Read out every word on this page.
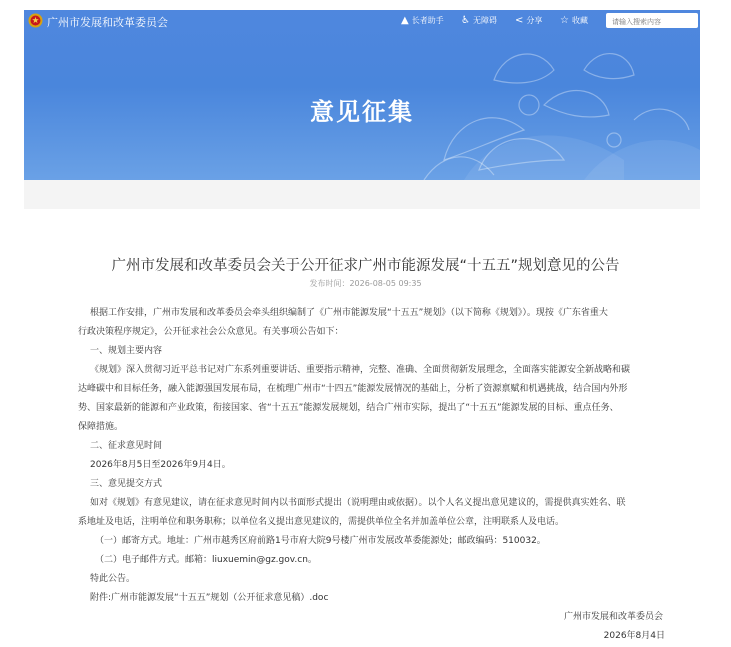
广州市发展和改革委员会	▲ 长者助手 ♿ 无障碍 < 分享 ☆ 收藏
请输入搜索内容
意见征集
广州市发展和改革委员会关于公开征求广州市能源发展“十五五”规划意见的公告
发布时间：2026-08-05 09:35
根据工作安排，广州市发展和改革委员会牵头组织编制了《广州市能源发展“十五五”规划》（以下简称《规划》）。现按《广东省重大
行政决策程序规定》，公开征求社会公众意见。有关事项公告如下：
一、规划主要内容
《规划》深入贯彻习近平总书记对广东系列重要讲话、重要指示精神，完整、准确、全面贯彻新发展理念，全面落实能源安全新战略和碳
达峰碳中和目标任务，融入能源强国发展布局，在梳理广州市“十四五”能源发展情况的基础上，分析了资源禀赋和机遇挑战，结合国内外形
势、国家最新的能源和产业政策，衔接国家、省“十五五”能源发展规划，结合广州市实际，提出了“十五五”能源发展的目标、重点任务、
保障措施。
二、征求意见时间
2026年8月5日至2026年9月4日。
三、意见提交方式
如对《规划》有意见建议，请在征求意见时间内以书面形式提出（说明理由或依据）。以个人名义提出意见建议的，需提供真实姓名、联
系地址及电话，注明单位和职务职称；以单位名义提出意见建议的，需提供单位全名并加盖单位公章，注明联系人及电话。
（一）邮寄方式。地址：广州市越秀区府前路1号市府大院9号楼广州市发展改革委能源处；邮政编码：510032。
（二）电子邮件方式。邮箱：liuxuemin@gz.gov.cn。
特此公告。
附件:广州市能源发展“十五五”规划（公开征求意见稿）.doc
广州市发展和改革委员会
2026年8月4日
